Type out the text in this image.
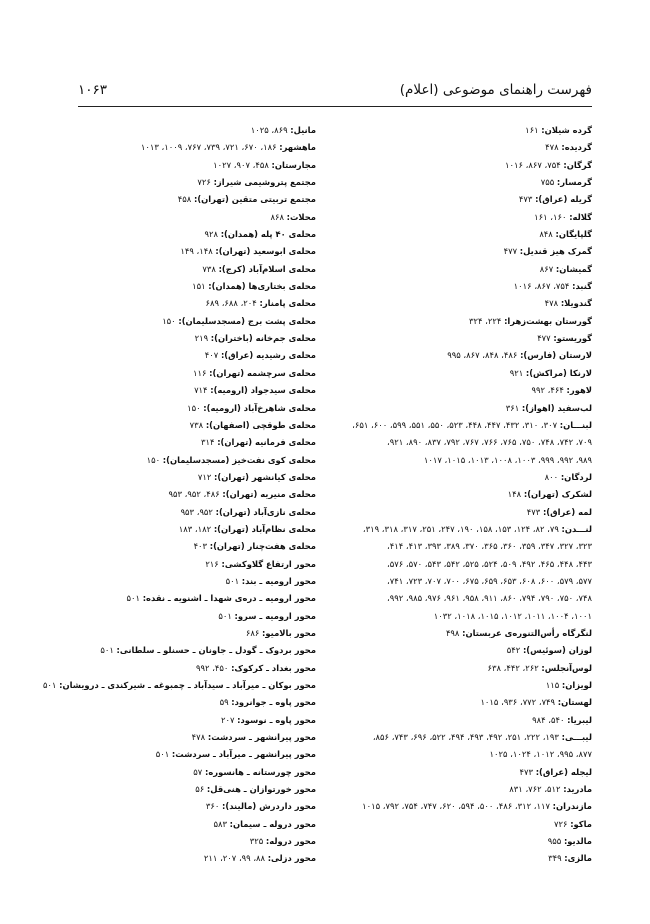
فهرست راهنمای موضوعی (اعلام)
۱۰۶۳
گرده شیلان: ۱۶۱
گردیده: ۴۷۸
گرگان: ۷۵۴، ۸۶۷، ۱۰۱۶
گرمسار: ۷۵۵
گریله (عراق): ۴۷۳
گلاله: ۱۶۰، ۱۶۱
گلپایگان: ۸۴۸
گمرک هیز قندیل: ۴۷۷
گمیشان: ۸۶۷
گنبد: ۷۵۴، ۸۶۷، ۱۰۱۶
گندویلا: ۴۷۸
گورستان بهشت‌زهرا: ۲۲۴، ۳۲۴
گوریستو: ۴۷۷
لارستان (فارس): ۴۸۶، ۸۴۸، ۸۶۷، ۹۹۵
لارنکا (مراکش): ۹۲۱
لاهور: ۴۶۴، ۹۹۲
لب‌سفید (اهواز): ۳۶۱
لبنـــان: ۳۰۷، ۳۱۰، ۴۳۲، ۴۴۷، ۴۴۸، ۵۲۳، ۵۵۰، ۵۵۱، ۵۹۹، ۶۰۰، ۶۵۱،
۷۰۹، ۷۴۲، ۷۴۸، ۷۵۰، ۷۶۵، ۷۶۶، ۷۶۷، ۷۹۲، ۸۳۷، ۸۹۰، ۹۲۱،
۹۸۹، ۹۹۲، ۹۹۹، ۱۰۰۳، ۱۰۰۸، ۱۰۱۳، ۱۰۱۵، ۱۰۱۷
لردگان: ۸۰۰
لشکرک (تهران): ۱۴۸
لمه (عراق): ۴۷۳
لنـــدن: ۷۹، ۸۲، ۱۲۴، ۱۵۳، ۱۵۸، ۱۹۰، ۲۴۷، ۲۵۱، ۳۱۷، ۳۱۸، ۳۱۹،
۳۲۳، ۳۲۷، ۳۴۷، ۳۵۹، ۳۶۰، ۳۶۵، ۳۷۰، ۳۸۹، ۳۹۳، ۴۱۳، ۴۱۴،
۴۴۳، ۴۴۸، ۴۶۵، ۴۹۲، ۵۰۹، ۵۲۴، ۵۲۵، ۵۴۲، ۵۴۳، ۵۷۰، ۵۷۶،
۵۷۷، ۵۷۹، ۶۰۰، ۶۰۸، ۶۵۳، ۶۵۹، ۶۷۵، ۷۰۰، ۷۰۷، ۷۲۳، ۷۴۱،
۷۴۸، ۷۵۰، ۷۹۰، ۷۹۴، ۸۶۰، ۹۱۱، ۹۵۸، ۹۶۱، ۹۷۶، ۹۸۵، ۹۹۲،
۱۰۰۱، ۱۰۰۴، ۱۰۱۱، ۱۰۱۲، ۱۰۱۵، ۱۰۱۸، ۱۰۳۲
لنگرگاه رأس‌التنوره‌ی عربستان: ۴۹۸
لوزان (سوئیس): ۵۴۲
لوس‌آنجلس: ۲۶۲، ۴۴۲، ۶۳۸
لویزان: ۱۱۵
لهستان: ۷۴۹، ۷۷۲، ۹۳۶، ۱۰۱۵
لیبریا: ۵۴۰، ۹۸۴
لیبـــی: ۱۹۳، ۲۲۲، ۲۵۱، ۴۹۲، ۴۹۳، ۴۹۴، ۵۲۲، ۶۹۶، ۷۴۳، ۸۵۶،
۸۷۷، ۹۹۵، ۱۰۱۲، ۱۰۲۴، ۱۰۲۵
لیجله (عراق): ۴۷۳
مادرید: ۵۱۲، ۷۶۲، ۸۳۱
مازندران: ۱۱۷، ۳۱۲، ۴۸۶، ۵۰۰، ۵۹۴، ۶۲۰، ۷۴۷، ۷۵۴، ۷۹۲، ۱۰۱۵
ماکو: ۷۲۶
مالدیو: ۹۵۵
مالزی: ۳۴۹
مانیل: ۸۶۹، ۱۰۲۵
ماهشهر: ۱۸۶، ۶۷۰، ۷۲۱، ۷۳۹، ۷۶۷، ۱۰۰۹، ۱۰۱۳
مجارستان: ۴۵۸، ۹۰۷، ۱۰۲۷
مجتمع پتروشیمی شیراز: ۷۲۶
مجتمع تربیتی متقین (تهران): ۴۵۸
محلات: ۸۶۸
محله‌ی ۴۰ پله (همدان): ۹۲۸
محله‌ی ابوسعید (تهران): ۱۴۸، ۱۴۹
محله‌ی اسلام‌آباد (کرج): ۷۳۸
محله‌ی بختاری‌ها (همدان): ۱۵۱
محله‌ی پامنار: ۲۰۴، ۶۸۸، ۶۸۹
محله‌ی پشت برج (مسجدسلیمان): ۱۵۰
محله‌ی جم‌خانه (باختران): ۲۱۹
محله‌ی رشیدیه (عراق): ۴۰۷
محله‌ی سرچشمه (تهران): ۱۱۶
محله‌ی سیدجواد (ارومیه): ۷۱۴
محله‌ی شاهرخ‌آباد (ارومیه): ۱۵۰
محله‌ی طوقچی (اصفهان): ۷۳۸
محله‌ی فرمانیه (تهران): ۳۱۴
محله‌ی کوی نفت‌خیز (مسجدسلیمان): ۱۵۰
محله‌ی کیانشهر (تهران): ۷۱۲
محله‌ی منیریه (تهران): ۴۸۶، ۹۵۲، ۹۵۳
محله‌ی نازی‌آباد (تهران): ۹۵۲، ۹۵۳
محله‌ی نظام‌آباد (تهران): ۱۸۲، ۱۸۳
محله‌ی هفت‌چنار (تهران): ۴۰۳
محور ارتفاع گلاوکشی: ۲۱۶
محور ارومیه ـ بند: ۵۰۱
محور ارومیه ـ دره‌ی شهدا ـ اشنویه ـ نقده: ۵۰۱
محور ارومیه ـ سرو: ۵۰۱
محور بالامیو: ۶۸۶
محور بردوک ـ گودل ـ جاونان ـ حسنلو ـ سلطانی: ۵۰۱
محور بغداد ـ کرکوک: ۴۵۰، ۹۹۲
محور بوکان ـ میرآباد ـ سیدآباد ـ چمبوغه ـ شیرکندی ـ درویشان: ۵۰۱
محور پاوه ـ جوانرود: ۵۹
محور پاوه ـ نوسود: ۲۰۷
محور پیرانشهر ـ سردشت: ۴۷۸
محور پیرانشهر ـ میرآباد ـ سردشت: ۵۰۱
محور چورستانه ـ هانسوره: ۵۷
محور خورتوازان ـ هنی‌قل: ۵۶
محور داردرش (مالیند): ۳۶۰
محور دروله ـ سیمان: ۵۸۳
محور دروله: ۳۲۵
محور دزلی: ۸۸، ۹۹، ۲۰۷، ۲۱۱
